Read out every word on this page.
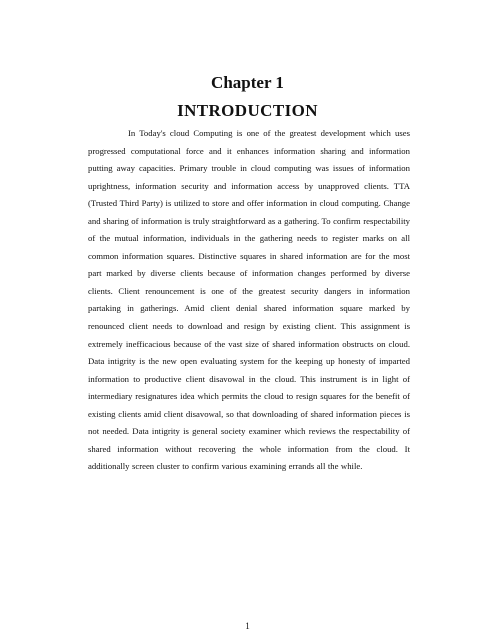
Chapter 1
INTRODUCTION

In Today's cloud Computing is one of the greatest development which uses progressed computational force and it enhances information sharing and information putting away capacities. Primary trouble in cloud computing was issues of information uprightness, information security and information access by unapproved clients. TTA (Trusted Third Party) is utilized to store and offer information in cloud computing. Change and sharing of information is truly straightforward as a gathering. To confirm respectability of the mutual information, individuals in the gathering needs to register marks on all common information squares. Distinctive squares in shared information are for the most part marked by diverse clients because of information changes performed by diverse clients. Client renouncement is one of the greatest security dangers in information partaking in gatherings. Amid client denial shared information square marked by renounced client needs to download and resign by existing client. This assignment is extremely inefficacious because of the vast size of shared information obstructs on cloud. Data intigrity is the new open evaluating system for the keeping up honesty of imparted information to productive client disavowal in the cloud. This instrument is in light of intermediary resignatures idea which permits the cloud to resign squares for the benefit of existing clients amid client disavowal, so that downloading of shared information pieces is not needed. Data intigrity is general society examiner which reviews the respectability of shared information without recovering the whole information from the cloud. It additionally screen cluster to confirm various examining errands all the while.

1
